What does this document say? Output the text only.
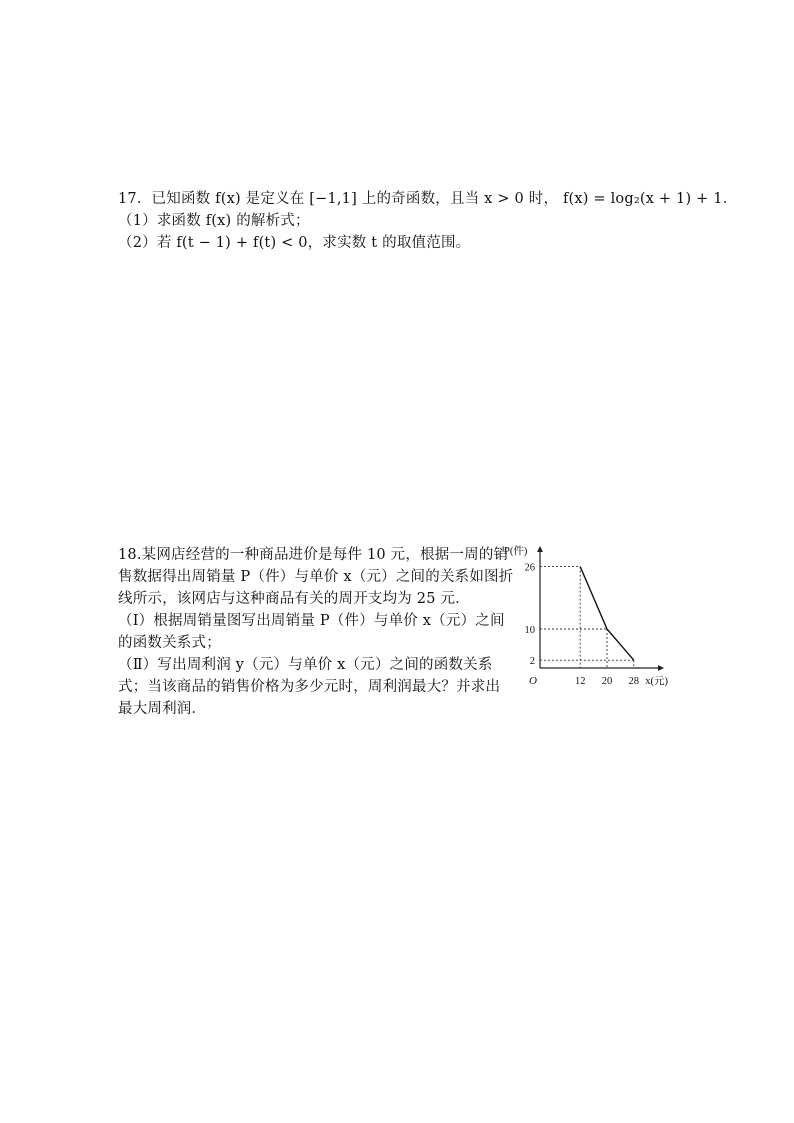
17．已知函数 f(x) 是定义在 [−1,1] 上的奇函数，且当 x > 0 时， f(x) = log₂(x + 1) + 1．
（1）求函数 f(x) 的解析式；
（2）若 f(t − 1) + f(t) < 0，求实数 t 的取值范围。
18.某网店经营的一种商品进价是每件 10 元，根据一周的销
售数据得出周销量 P（件）与单价 x（元）之间的关系如图折
线所示，该网店与这种商品有关的周开支均为 25 元．
（Ⅰ）根据周销量图写出周销量 P（件）与单价 x（元）之间
的函数关系式；
（Ⅱ）写出周利润 y（元）与单价 x（元）之间的函数关系
式；当该商品的销售价格为多少元时，周利润最大？并求出
最大周利润．
12 20 28
2
10
26
O	x(元)
P(件)
